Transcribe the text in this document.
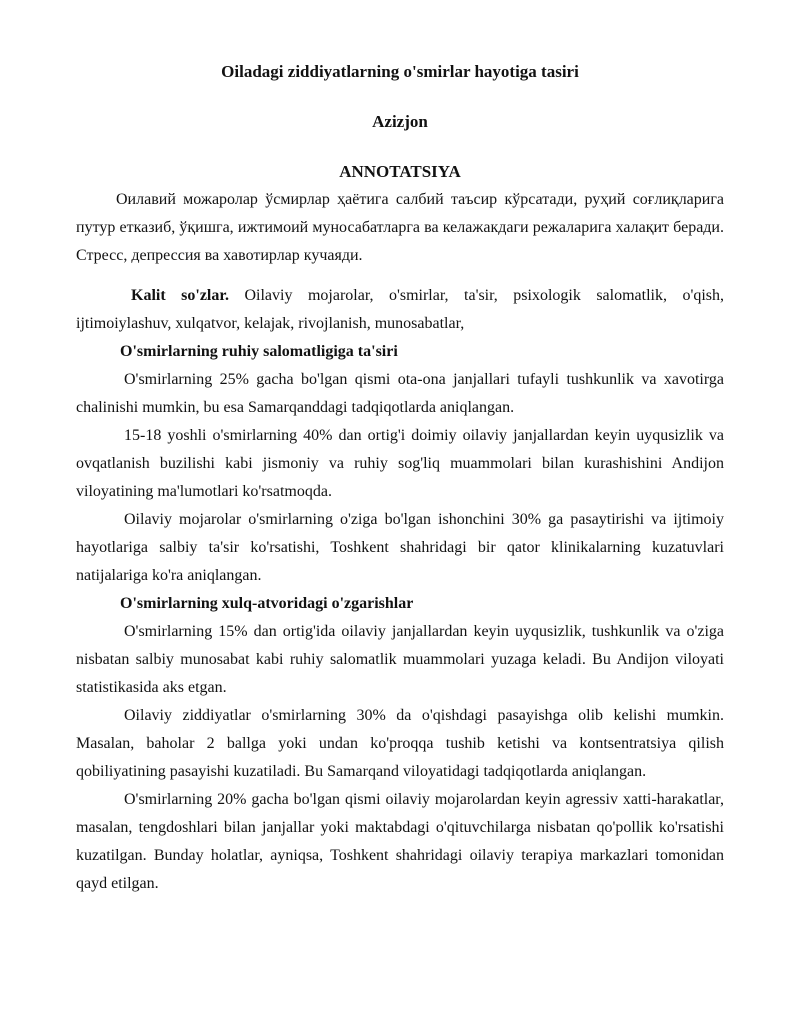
Oiladagi ziddiyatlarning o'smirlar hayotiga tasiri
Azizjon
ANNOTATSIYA

Оилавий можаролар ўсмирлар ҳаётига салбий таъсир кўрсатади, руҳий соғлиқларига путур етказиб, ўқишга, ижтимоий муносабатларга ва келажакдаги режаларига халақит беради. Стресс, депрессия ва хавотирлар кучаяди.

Kalit so'zlar. Oilaviy mojarolar, o'smirlar, ta'sir, psixologik salomatlik, o'qish, ijtimoiylashuv, xulqatvor, kelajak, rivojlanish, munosabatlar,

O'smirlarning ruhiy salomatligiga ta'siri

O'smirlarning 25% gacha bo'lgan qismi ota-ona janjallari tufayli tushkunlik va xavotirga chalinishi mumkin, bu esa Samarqanddagi tadqiqotlarda aniqlangan.

15-18 yoshli o'smirlarning 40% dan ortig'i doimiy oilaviy janjallardan keyin uyqusizlik va ovqatlanish buzilishi kabi jismoniy va ruhiy sog'liq muammolari bilan kurashishini Andijon viloyatining ma'lumotlari ko'rsatmoqda.

Oilaviy mojarolar o'smirlarning o'ziga bo'lgan ishonchini 30% ga pasaytirishi va ijtimoiy hayotlariga salbiy ta'sir ko'rsatishi, Toshkent shahridagi bir qator klinikalarning kuzatuvlari natijalariga ko'ra aniqlangan.

O'smirlarning xulq-atvoridagi o'zgarishlar

O'smirlarning 15% dan ortig'ida oilaviy janjallardan keyin uyqusizlik, tushkunlik va o'ziga nisbatan salbiy munosabat kabi ruhiy salomatlik muammolari yuzaga keladi. Bu Andijon viloyati statistikasida aks etgan.

Oilaviy ziddiyatlar o'smirlarning 30% da o'qishdagi pasayishga olib kelishi mumkin. Masalan, baholar 2 ballga yoki undan ko'proqqa tushib ketishi va kontsentratsiya qilish qobiliyatining pasayishi kuzatiladi. Bu Samarqand viloyatidagi tadqiqotlarda aniqlangan.

O'smirlarning 20% gacha bo'lgan qismi oilaviy mojarolardan keyin agressiv xatti-harakatlar, masalan, tengdoshlari bilan janjallar yoki maktabdagi o'qituvchilarga nisbatan qo'pollik ko'rsatishi kuzatilgan. Bunday holatlar, ayniqsa, Toshkent shahridagi oilaviy terapiya markazlari tomonidan qayd etilgan.
